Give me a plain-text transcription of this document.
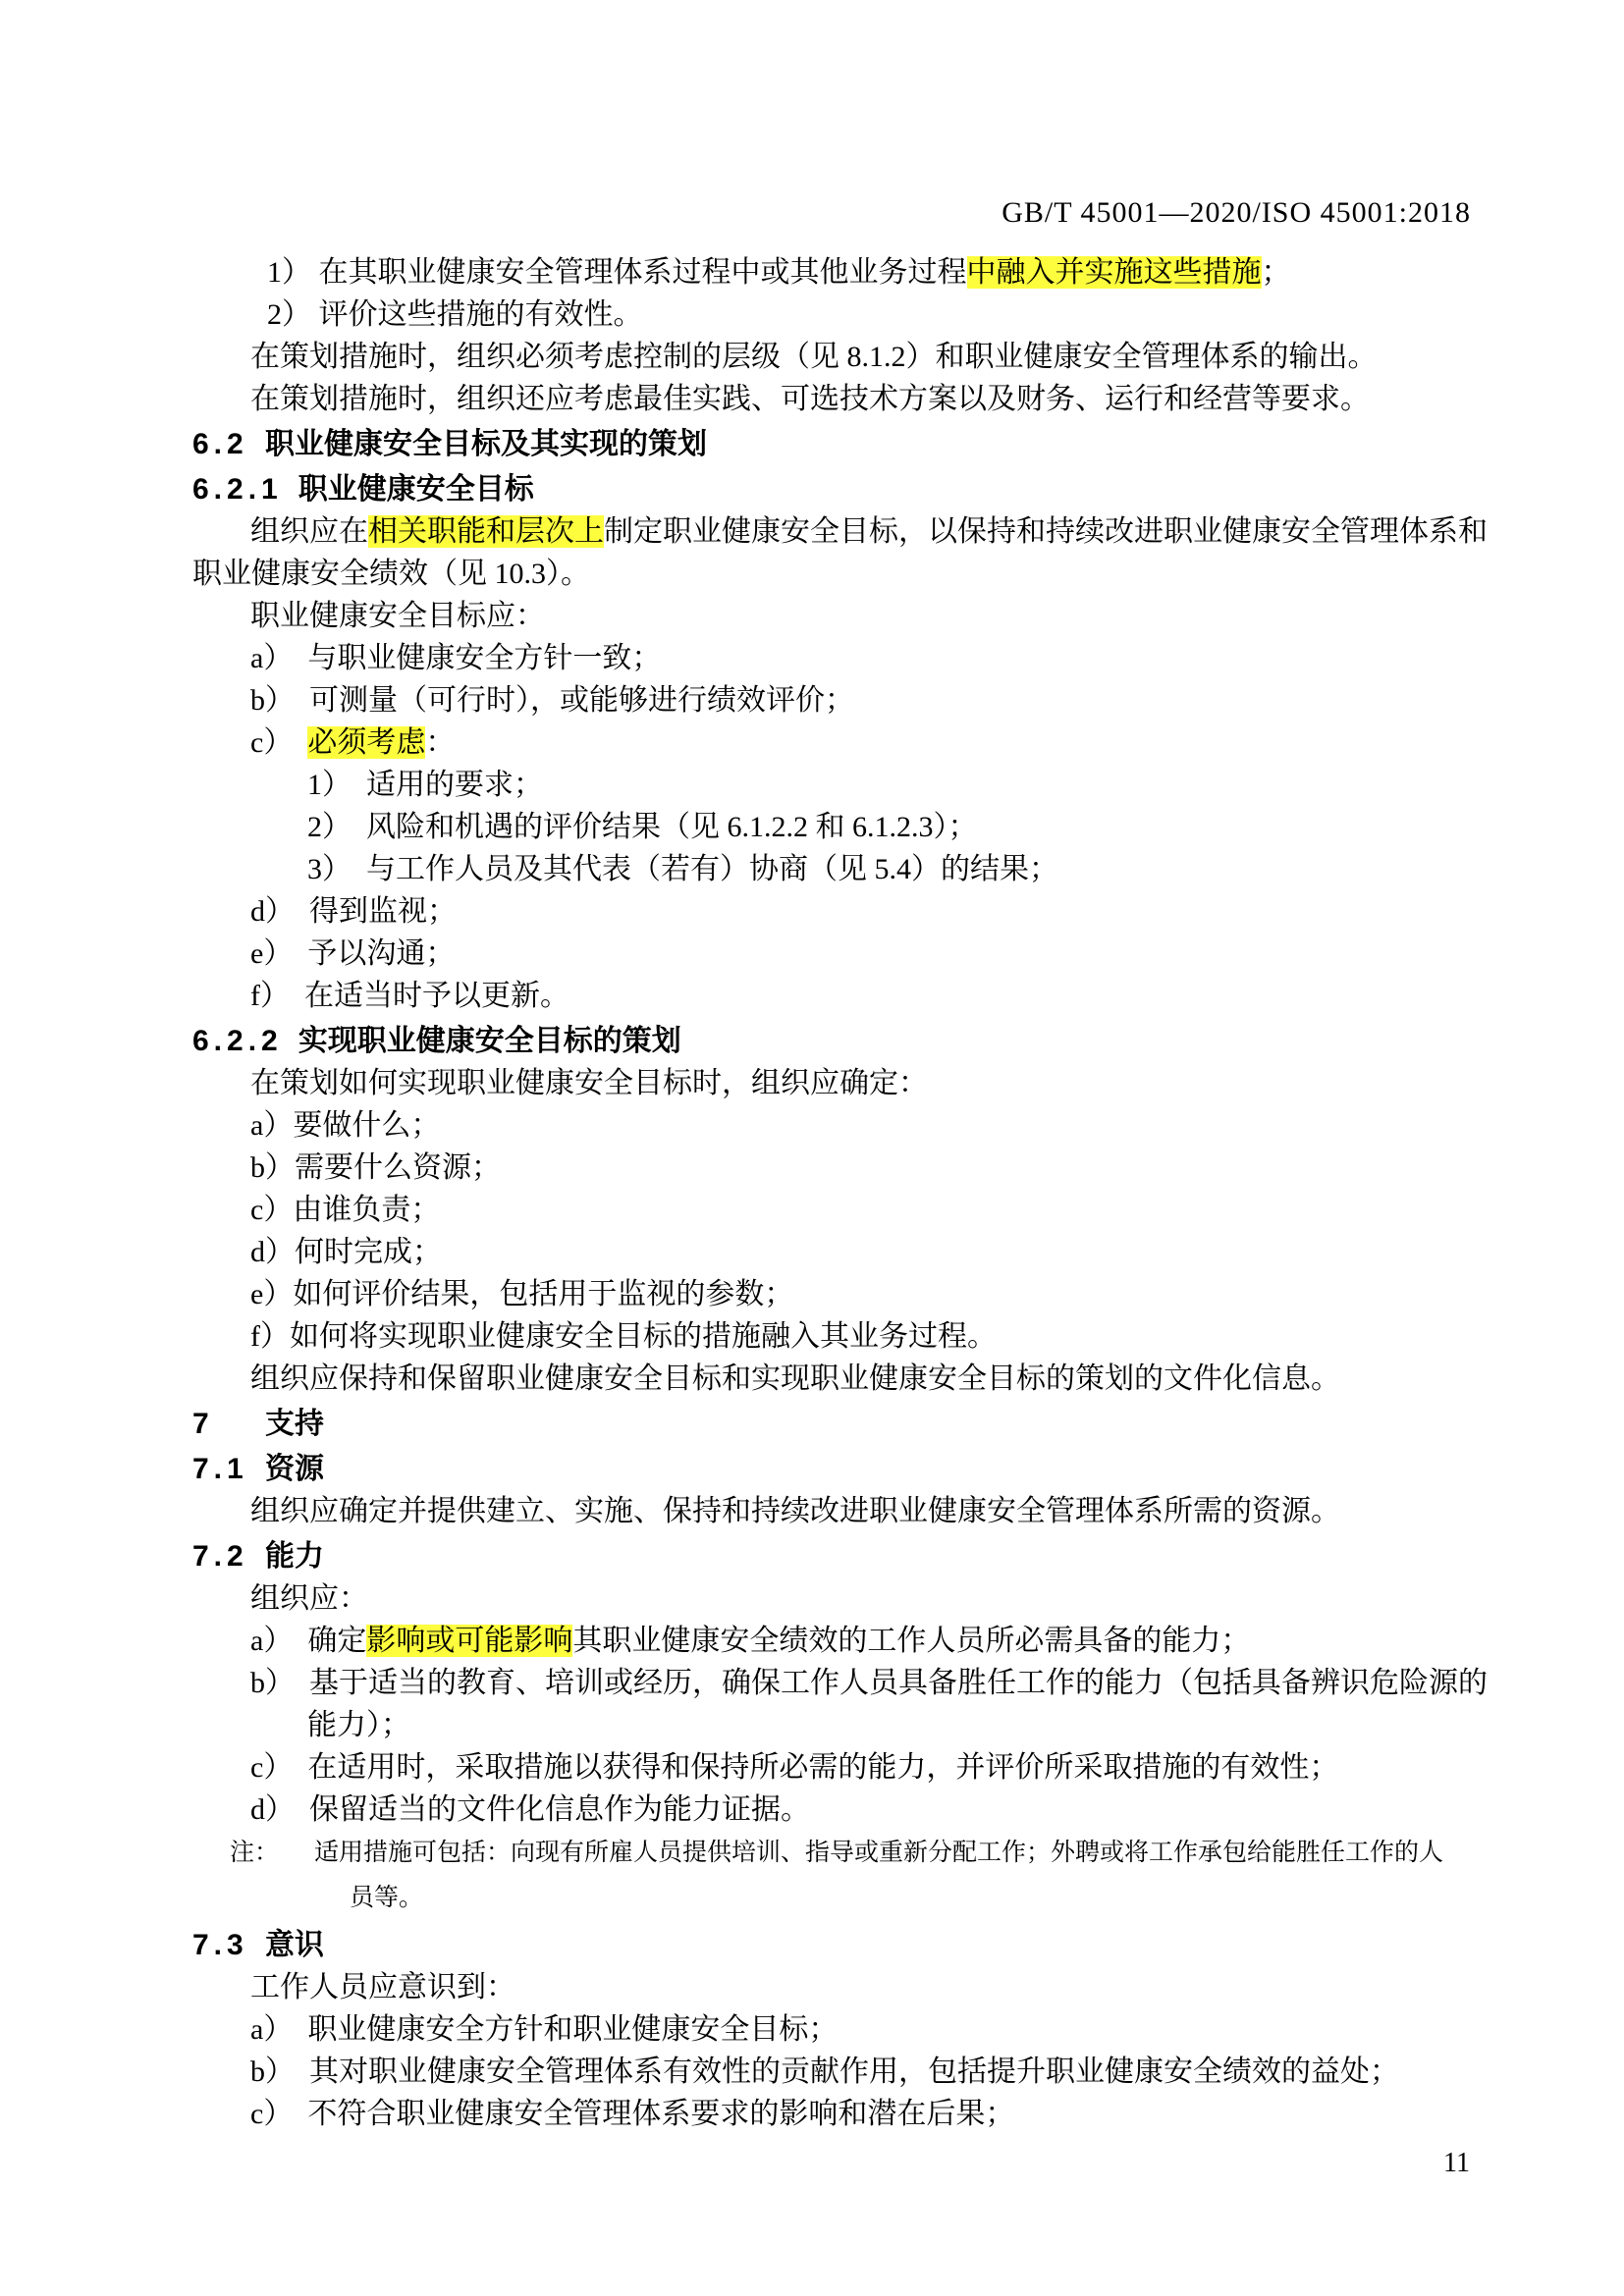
GB/T 45001—2020/ISO 45001:2018
1） 在其职业健康安全管理体系过程中或其他业务过程中融入并实施这些措施；
2） 评价这些措施的有效性。
在策划措施时，组织必须考虑控制的层级（见 8.1.2）和职业健康安全管理体系的输出。
在策划措施时，组织还应考虑最佳实践、可选技术方案以及财务、运行和经营等要求。
6.2 职业健康安全目标及其实现的策划
6.2.1 职业健康安全目标
组织应在相关职能和层次上制定职业健康安全目标，以保持和持续改进职业健康安全管理体系和
职业健康安全绩效（见 10.3）。
职业健康安全目标应：
a）　与职业健康安全方针一致；
b）　可测量（可行时），或能够进行绩效评价；
c）　必须考虑：
1）　适用的要求；
2）　风险和机遇的评价结果（见 6.1.2.2 和 6.1.2.3）；
3）　与工作人员及其代表（若有）协商（见 5.4）的结果；
d）　得到监视；
e）　予以沟通；
f）　在适当时予以更新。
6.2.2 实现职业健康安全目标的策划
在策划如何实现职业健康安全目标时，组织应确定：
a）要做什么；
b）需要什么资源；
c）由谁负责；
d）何时完成；
e）如何评价结果，包括用于监视的参数；
f）如何将实现职业健康安全目标的措施融入其业务过程。
组织应保持和保留职业健康安全目标和实现职业健康安全目标的策划的文件化信息。
7 支持
7.1 资源
组织应确定并提供建立、实施、保持和持续改进职业健康安全管理体系所需的资源。
7.2 能力
组织应：
a）　确定影响或可能影响其职业健康安全绩效的工作人员所必需具备的能力；
b）　基于适当的教育、培训或经历，确保工作人员具备胜任工作的能力（包括具备辨识危险源的
能力）；
c）　在适用时，采取措施以获得和保持所必需的能力，并评价所采取措施的有效性；
d）　保留适当的文件化信息作为能力证据。
注： 适用措施可包括：向现有所雇人员提供培训、指导或重新分配工作；外聘或将工作承包给能胜任工作的人
员等。
7.3 意识
工作人员应意识到：
a）　职业健康安全方针和职业健康安全目标；
b）　其对职业健康安全管理体系有效性的贡献作用，包括提升职业健康安全绩效的益处；
c）　不符合职业健康安全管理体系要求的影响和潜在后果；
11
